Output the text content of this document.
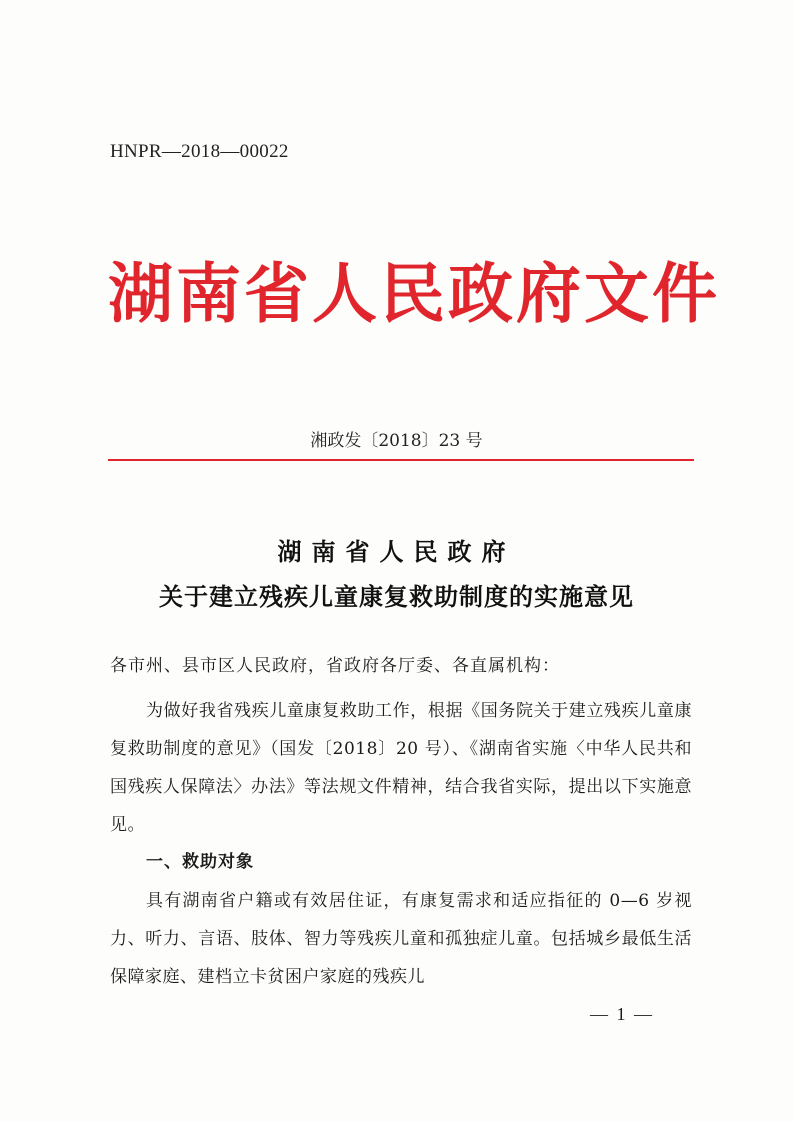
HNPR—2018—00022
湖南省人民政府文件
湘政发〔2018〕23 号
湖南省人民政府
关于建立残疾儿童康复救助制度的实施意见
各市州、县市区人民政府，省政府各厅委、各直属机构：
为做好我省残疾儿童康复救助工作，根据《国务院关于建立残疾儿童康复救助制度的意见》（国发〔2018〕20 号）、《湖南省实施〈中华人民共和国残疾人保障法〉办法》等法规文件精神，结合我省实际，提出以下实施意见。
一、救助对象
具有湖南省户籍或有效居住证，有康复需求和适应指征的 0—6 岁视力、听力、言语、肢体、智力等残疾儿童和孤独症儿童。包括城乡最低生活保障家庭、建档立卡贫困户家庭的残疾儿
— 1 —
